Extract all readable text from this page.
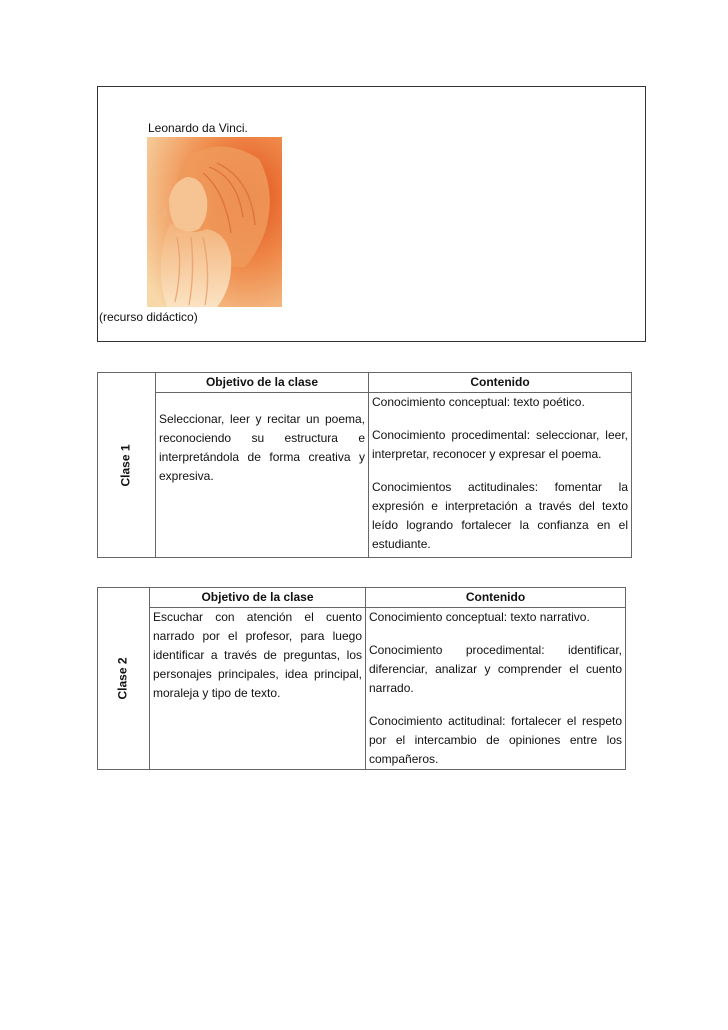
Leonardo da Vinci.
(recurso didáctico)
Clase 1	Objetivo de la clase	Contenido

	Seleccionar, leer y recitar un poema, reconociendo su estructura e interpretándola de forma creativa y expresiva.	Conocimiento conceptual: texto poético.

Conocimiento procedimental: seleccionar, leer, interpretar, reconocer y expresar el poema.

Conocimientos actitudinales: fomentar la expresión e interpretación a través del texto leído logrando fortalecer la confianza en el estudiante.

Clase 2	Objetivo de la clase	Contenido

	Escuchar con atención el cuento narrado por el profesor, para luego identificar a través de preguntas, los personajes principales, idea principal, moraleja y tipo de texto.	Conocimiento conceptual: texto narrativo.

Conocimiento procedimental: identificar, diferenciar, analizar y comprender el cuento narrado.

Conocimiento actitudinal: fortalecer el respeto por el intercambio de opiniones entre los compañeros.
